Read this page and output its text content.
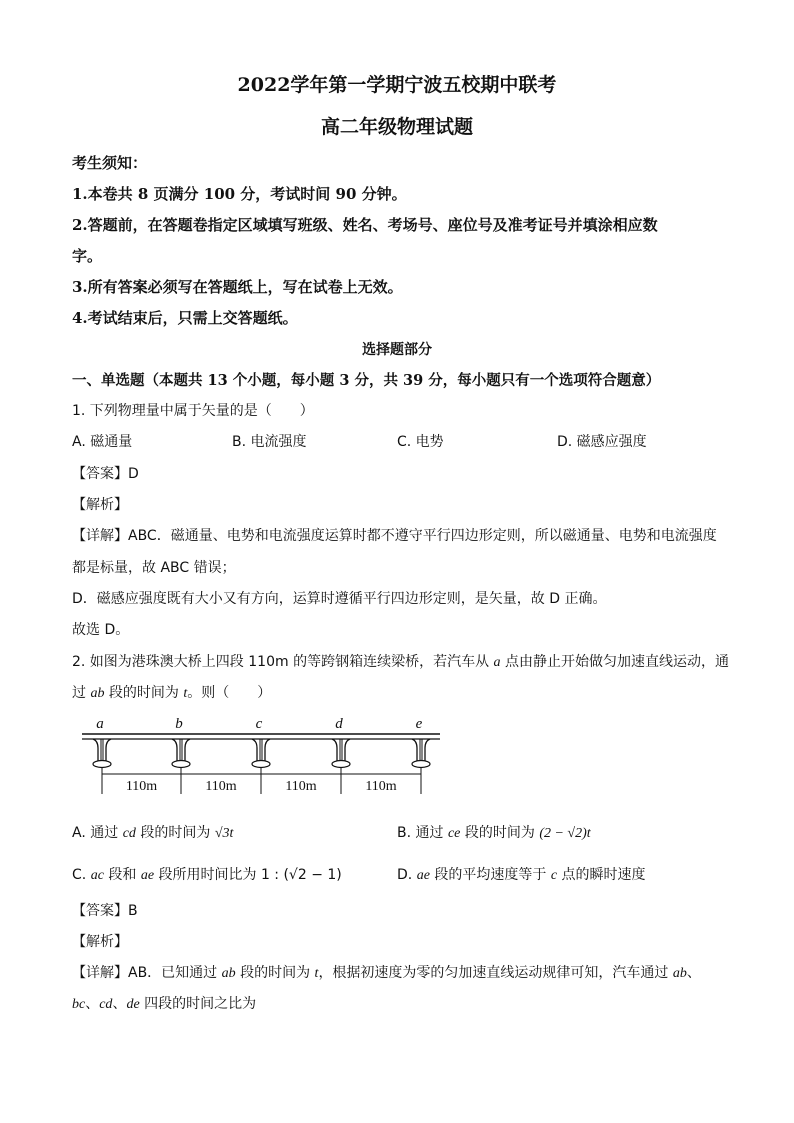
2022学年第一学期宁波五校期中联考
高二年级物理试题
考生须知：
1.本卷共 8 页满分 100 分，考试时间 90 分钟。
2.答题前，在答题卷指定区域填写班级、姓名、考场号、座位号及准考证号并填涂相应数
字。
3.所有答案必须写在答题纸上，写在试卷上无效。
4.考试结束后，只需上交答题纸。
选择题部分
一、单选题（本题共 13 个小题，每小题 3 分，共 39 分，每小题只有一个选项符合题意）
1. 下列物理量中属于矢量的是（　　）
A. 磁通量	B. 电流强度	C. 电势	D. 磁感应强度
【答案】D
【解析】
【详解】ABC．磁通量、电势和电流强度运算时都不遵守平行四边形定则，所以磁通量、电势和电流强度
都是标量，故 ABC 错误；
D．磁感应强度既有大小又有方向，运算时遵循平行四边形定则，是矢量，故 D 正确。
故选 D。
2. 如图为港珠澳大桥上四段 110m 的等跨钢箱连续梁桥，若汽车从 a 点由静止开始做匀加速直线运动，通
过 ab 段的时间为 t。则（　　）
a	b	c	d	e
110m	110m	110m	110m
A. 通过 cd 段的时间为 √3t	B. 通过 ce 段的时间为 (2 − √2)t
C. ac 段和 ae 段所用时间比为 1 : (√2 − 1)	D. ae 段的平均速度等于 c 点的瞬时速度
【答案】B
【解析】
【详解】AB．已知通过 ab 段的时间为 t，根据初速度为零的匀加速直线运动规律可知，汽车通过 ab、
bc、cd、de 四段的时间之比为
